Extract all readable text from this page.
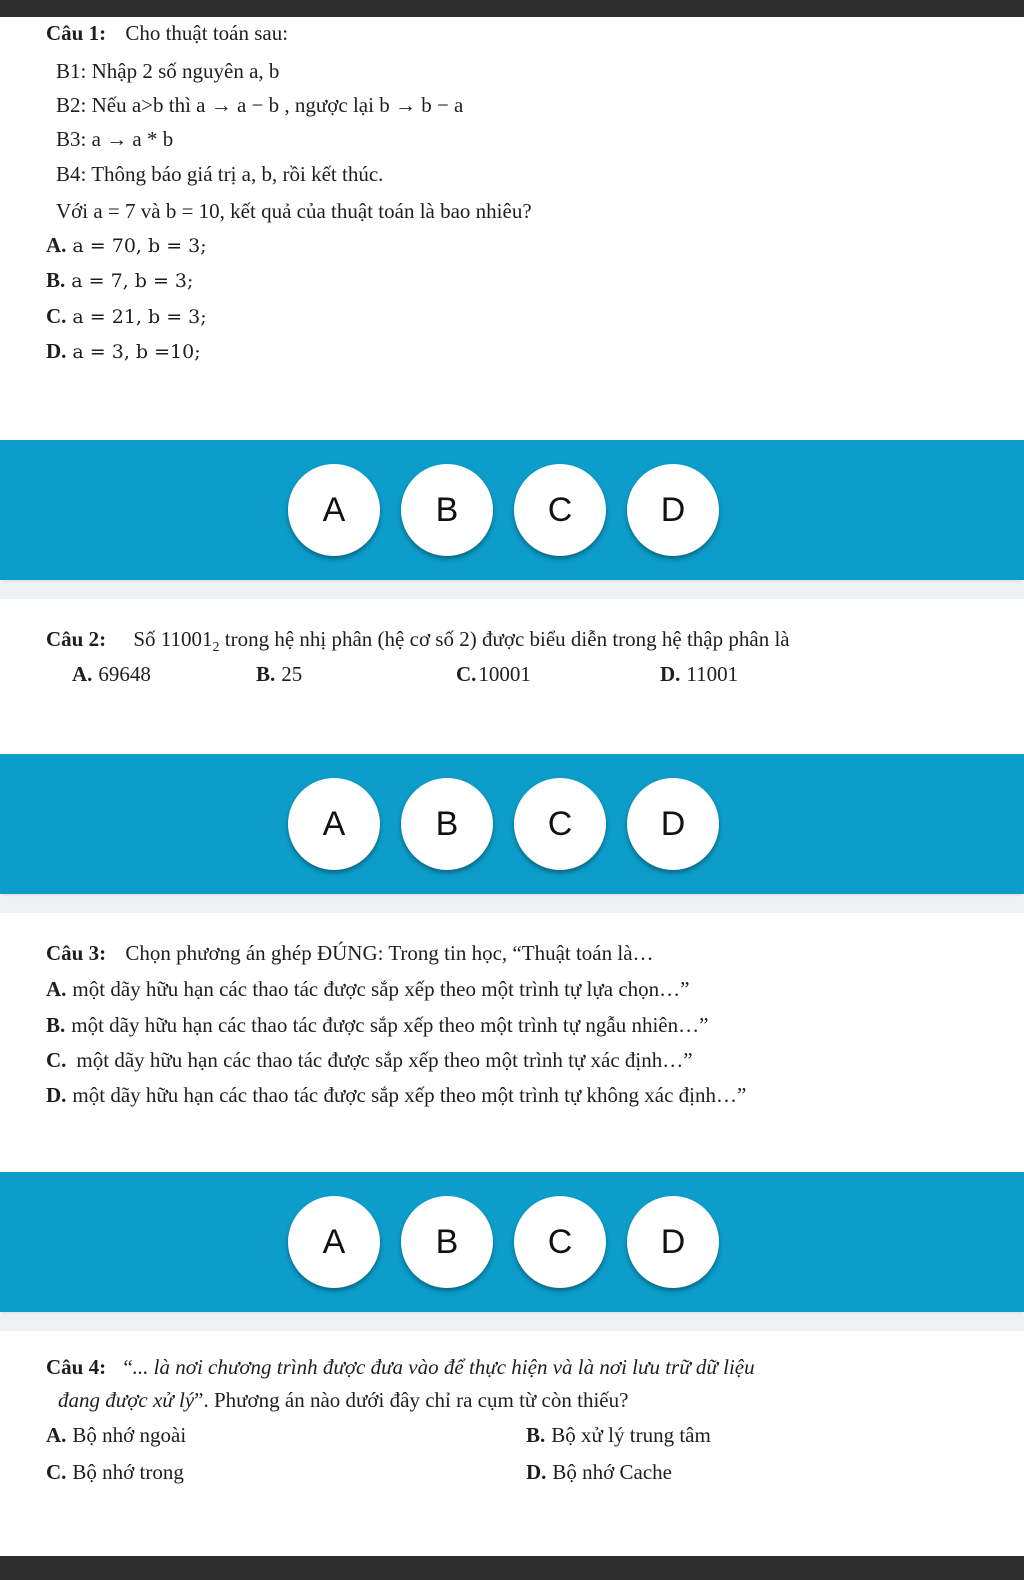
Câu 1: Cho thuật toán sau:
B1: Nhập 2 số nguyên a, b
B2: Nếu a>b thì a → a − b , ngược lại b → b − a
B3: a → a * b
B4: Thông báo giá trị a, b, rồi kết thúc.
Với a = 7 và b = 10, kết quả của thuật toán là bao nhiêu?
A. a = 70, b = 3;
B. a = 7, b = 3;
C. a = 21, b = 3;
D. a = 3, b =10;
A	B	C	D
Câu 2: Số $11001_2$ trong hệ nhị phân (hệ cơ số 2) được biểu diễn trong hệ thập phân là
A. 69648	B. 25	C.10001	D. 11001
A	B	C	D
Câu 3: Chọn phương án ghép ĐÚNG: Trong tin học, “Thuật toán là…
A. một dãy hữu hạn các thao tác được sắp xếp theo một trình tự lựa chọn…”
B. một dãy hữu hạn các thao tác được sắp xếp theo một trình tự ngẫu nhiên…”
C. một dãy hữu hạn các thao tác được sắp xếp theo một trình tự xác định…”
D. một dãy hữu hạn các thao tác được sắp xếp theo một trình tự không xác định…”
A	B	C	D
Câu 4: “... là nơi chương trình được đưa vào để thực hiện và là nơi lưu trữ dữ liệu
đang được xử lý”. Phương án nào dưới đây chỉ ra cụm từ còn thiếu?
A. Bộ nhớ ngoài	B. Bộ xử lý trung tâm
C. Bộ nhớ trong	D. Bộ nhớ Cache
